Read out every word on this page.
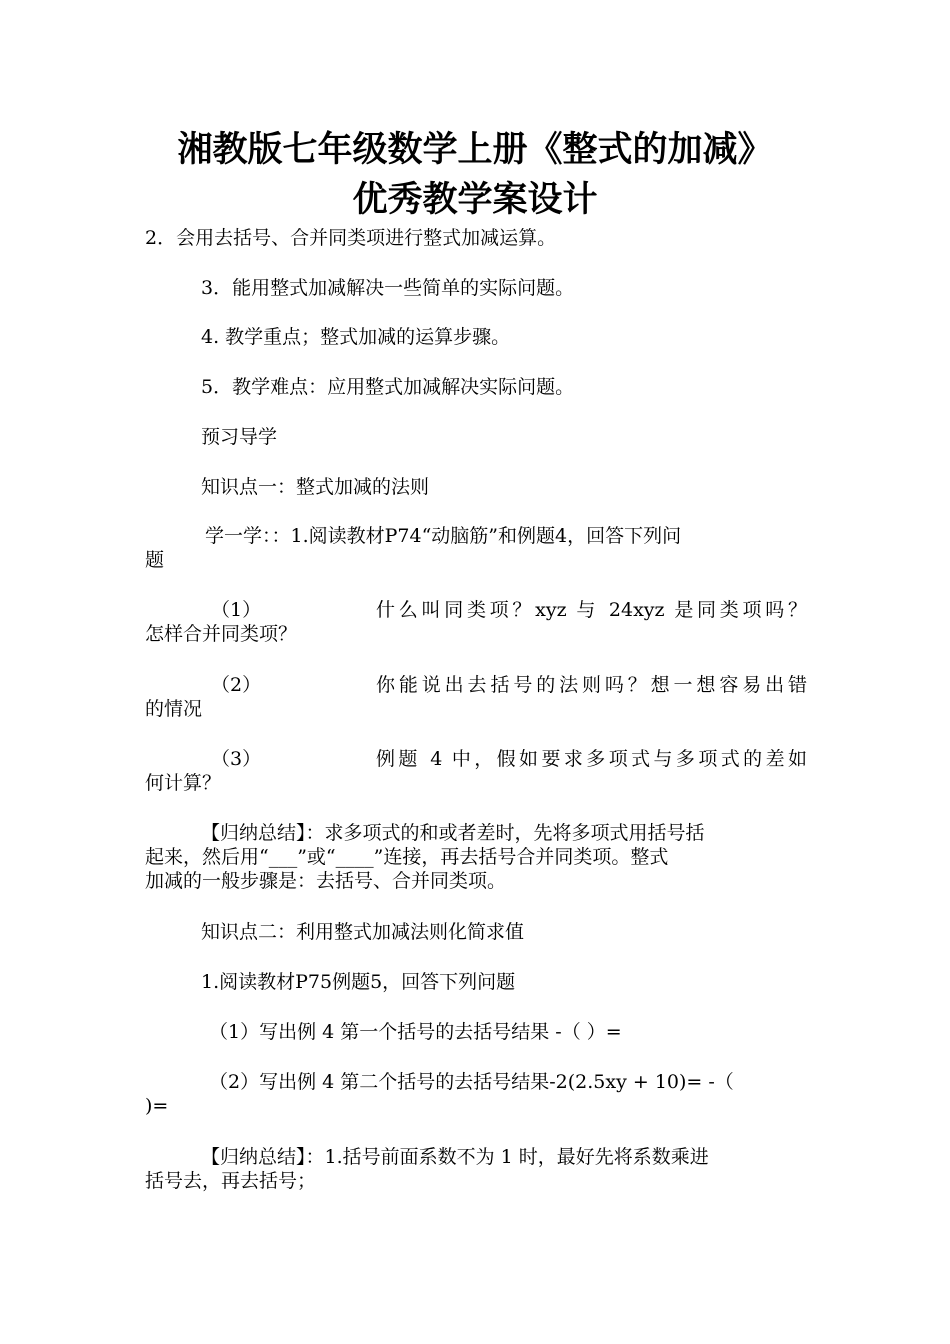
湘教版七年级数学上册《整式的加减》
优秀教学案设计
2．会用去括号、合并同类项进行整式加减运算。
3．能用整式加减解决一些简单的实际问题。
4. 教学重点；整式加减的运算步骤。
5．教学难点：应用整式加减解决实际问题。
预习导学
知识点一：整式加减的法则
学一学：：1.阅读教材P74“动脑筋”和例题4，回答下列问
题
（1）	什么叫同类项？xyz 与 24xyz 是同类项吗？
怎样合并同类项？
（2）	你能说出去括号的法则吗？想一想容易出错
的情况
（3）	例题 4 中，假如要求多项式与多项式的差如
何计算？
【归纳总结】：求多项式的和或者差时，先将多项式用括号括
起来，然后用“___”或“____”连接，再去括号合并同类项。整式
加减的一般步骤是：去括号、合并同类项。
知识点二：利用整式加减法则化简求值
1.阅读教材P75例题5，回答下列问题
（1）写出例 4 第一个括号的去括号结果 -（ ）=
（2）写出例 4 第二个括号的去括号结果-2(2.5xy + 10)= -（
)=
【归纳总结】：1.括号前面系数不为 1 时，最好先将系数乘进
括号去，再去括号；
